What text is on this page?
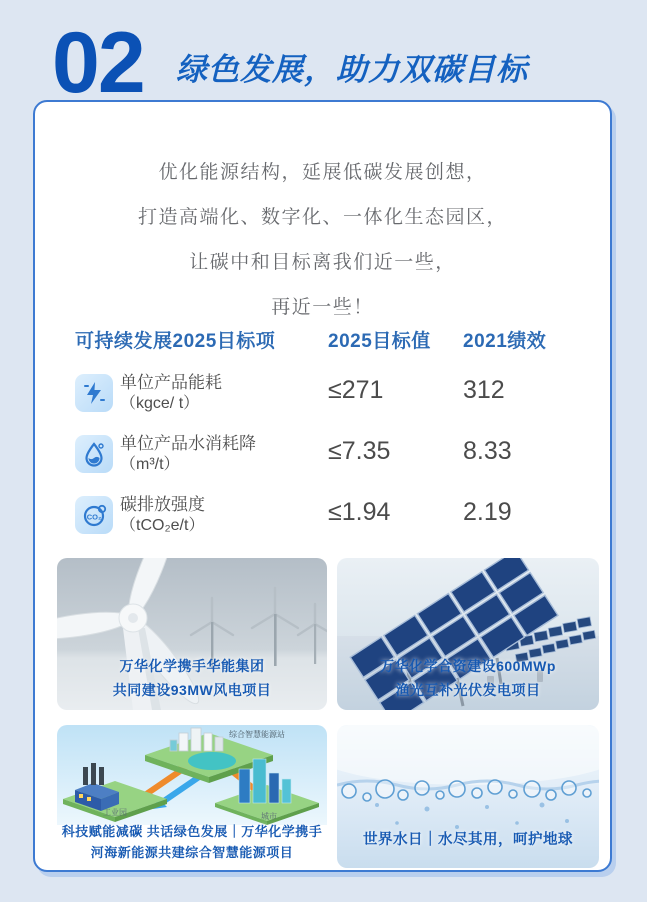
02 绿色发展，助力双碳目标

优化能源结构，延展低碳发展创想，

打造高端化、数字化、一体化生态园区，

让碳中和目标离我们近一些，

再近一些！

可持续发展2025目标项	2025目标值	2021绩效
单位产品能耗
（kgce/ t）	≤271	312
单位产品水消耗降
（m³/t）	≤7.35	8.33
CO₂
碳排放强度
（tCO₂e/t）	≤1.94	2.19
万华化学携手华能集团
共同建设93MW风电项目
万华化学合资建设600MWp
渔光互补光伏发电项目
综合智慧能源站
工业园	城市
科技赋能减碳 共话绿色发展｜万华化学携手
河海新能源共建综合智慧能源项目
世界水日｜水尽其用，呵护地球
